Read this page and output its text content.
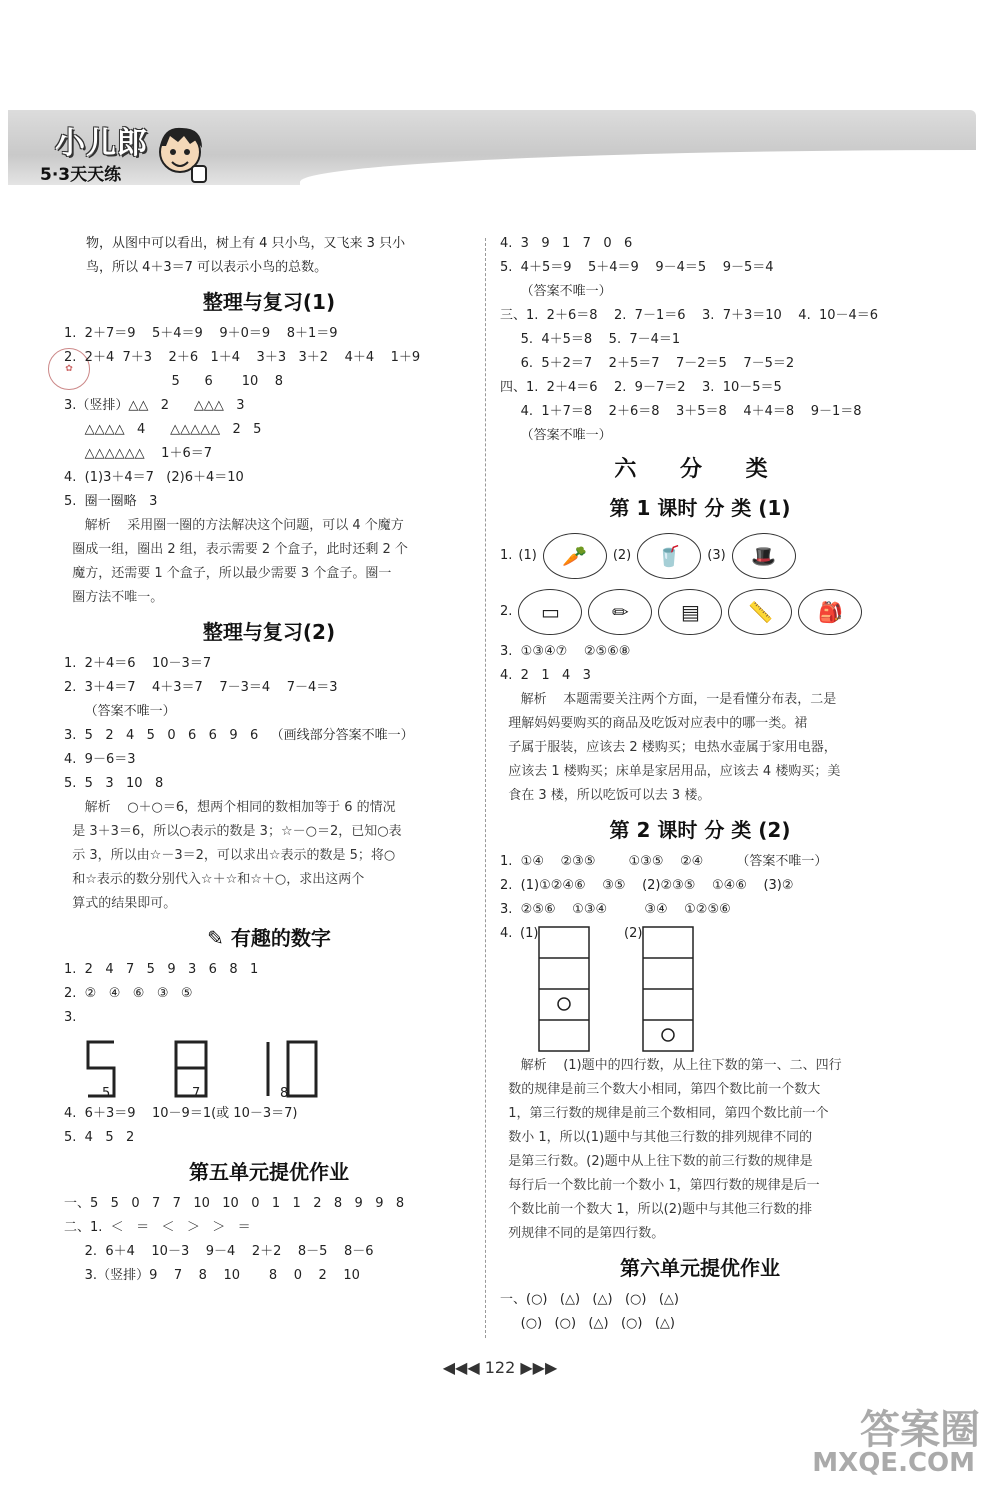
小儿郎
5·3天天练
✿
物，从图中可以看出，树上有 4 只小鸟，又飞来 3 只小
鸟，所以 4＋3＝7 可以表示小鸟的总数。
整理与复习(1)
1.  2＋7＝9    5＋4＝9    9＋0＝9    8＋1＝9
2.  2＋4  7＋3    2＋6   1＋4    3＋3   3＋2    4＋4    1＋9
5      6       10    8
3.（竖排）△△   2      △△△   3
△△△△   4      △△△△△   2   5
△△△△△△    1＋6＝7
4.  (1)3＋4＝7   (2)6＋4＝10
5.  圈一圈略   3
解析    采用圈一圈的方法解决这个问题，可以 4 个魔方
圈成一组，圈出 2 组，表示需要 2 个盒子，此时还剩 2 个
魔方，还需要 1 个盒子，所以最少需要 3 个盒子。圈一
圈方法不唯一。
整理与复习(2)
1.  2＋4＝6    10－3＝7
2.  3＋4＝7    4＋3＝7    7－3＝4    7－4＝3
（答案不唯一）
3.  5   2   4   5   0   6   6   9   6   （画线部分答案不唯一）
4.  9－6＝3
5.  5   3   10   8
解析    ○＋○＝6，想两个相同的数相加等于 6 的情况
是 3＋3＝6，所以○表示的数是 3；☆－○＝2，已知○表
示 3，所以由☆－3＝2，可以求出☆表示的数是 5；将○
和☆表示的数分别代入☆＋☆和☆＋○，求出这两个
算式的结果即可。
✎ 有趣的数字
1.  2   4   7   5   9   3   6   8   1
2.  ②   ④   ⑥   ③   ⑤
3.
5	7	8
4.  6＋3＝9    10－9＝1(或 10－3＝7)
5.  4   5   2
第五单元提优作业
一、5   5   0   7   7   10   10   0   1   1   2   8   9   9   8
二、1.  ＜   ＝   ＜   ＞   ＞   ＝
2.  6＋4    10－3    9－4    2＋2    8－5    8－6
3.（竖排）9    7    8    10       8    0    2    10
4.  3   9   1   7   0   6
5.  4＋5＝9    5＋4＝9    9－4＝5    9－5＝4
（答案不唯一）
三、1.  2＋6＝8    2.  7－1＝6    3.  7＋3＝10    4.  10－4＝6
5.  4＋5＝8    5.  7－4＝1
6.  5＋2＝7    2＋5＝7    7－2＝5    7－5＝2
四、1.  2＋4＝6    2.  9－7＝2    3.  10－5＝5
4.  1＋7＝8    2＋6＝8    3＋5＝8    4＋4＝8    9－1＝8
（答案不唯一）
六 分 类
第 1 课时 分 类 (1)
1. (1)	🥕	(2)	🥤	(3)	🎩
2.	▭	✏	▤	📏	🎒
3.  ①③④⑦    ②⑤⑥⑧
4.  2   1   4   3
解析    本题需要关注两个方面，一是看懂分布表，二是
理解妈妈要购买的商品及吃饭对应表中的哪一类。裙
子属于服装，应该去 2 楼购买；电热水壶属于家用电器，
应该去 1 楼购买；床单是家居用品，应该去 4 楼购买；美
食在 3 楼，所以吃饭可以去 3 楼。
第 2 课时 分 类 (2)
1.  ①④    ②③⑤        ①③⑤    ②④        （答案不唯一）
2.  (1)①②④⑥    ③⑤    (2)②③⑤    ①④⑥    (3)②
3.  ②⑤⑥    ①③④         ③④    ①②⑤⑥
4. (1)	(2)
解析    (1)题中的四行数，从上往下数的第一、二、四行
数的规律是前三个数大小相同，第四个数比前一个数大
1，第三行数的规律是前三个数相同，第四个数比前一个
数小 1，所以(1)题中与其他三行数的排列规律不同的
是第三行数。(2)题中从上往下数的前三行数的规律是
每行后一个数比前一个数小 1，第四行数的规律是后一
个数比前一个数大 1，所以(2)题中与其他三行数的排
列规律不同的是第四行数。
第六单元提优作业
一、(○)   (△)   (△)   (○)   (△)
(○)   (○)   (△)   (○)   (△)
◀◀◀ 122 ▶▶▶
答案圈
MXQE.COM
